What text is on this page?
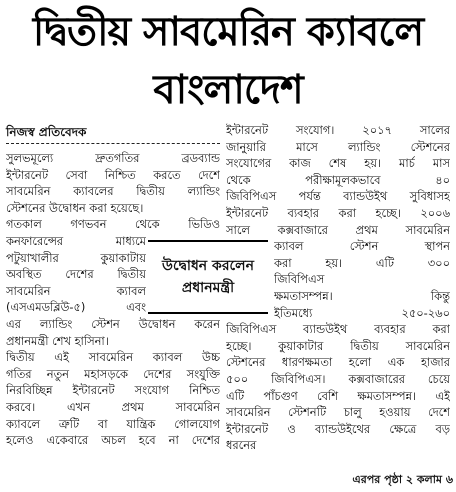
দ্বিতীয় সাবমেরিন ক্যাবলে
বাংলাদেশ
নিজস্ব প্রতিবেদক
সুলভমূল্যে দ্রুতগতির ব্রডব্যান্ড
ইন্টারনেট সেবা নিশ্চিত করতে দেশে
সাবমেরিন ক্যাবলের দ্বিতীয় ল্যান্ডিং
স্টেশনের উদ্বোধন করা হয়েছে।
গতকাল গণভবন থেকে ভিডিও
কনফারেন্সের মাধ্যমে
পটুয়াখালীর কুয়াকাটায়
অবস্থিত দেশের দ্বিতীয়
সাবমেরিন ক্যাবল
(এসএমডব্লিউ-৫) এবং
এর ল্যান্ডিং স্টেশন উদ্বোধন করেন
প্রধানমন্ত্রী শেখ হাসিনা।
দ্বিতীয় এই সাবমেরিন ক্যাবল উচ্চ
গতির নতুন মহাসড়কে দেশের সংযুক্তি
নিরবিচ্ছিন্ন ইন্টারনেট সংযোগ নিশ্চিত
করবে। এখন প্রথম সাবমেরিন
ক্যাবলে ত্রুটি বা যান্ত্রিক গোলযোগ
হলেও একেবারে অচল হবে না দেশের
ইন্টারনেট সংযোগ। ২০১৭ সালের
জানুয়ারি মাসে ল্যান্ডিং স্টেশনের
সংযোগের কাজ শেষ হয়। মার্চ মাস
থেকে পরীক্ষামূলকভাবে ৪০
জিবিপিএস পর্যন্ত ব্যান্ডউইথ সুবিধাসহ
ইন্টারনেট ব্যবহার করা হচ্ছে। ২০০৬
সালে কক্সবাজারে প্রথম সাবমেরিন
ক্যাবল স্টেশন স্থাপন
করা হয়। এটি ৩০০
জিবিপিএস
ক্ষমতাসম্পন্ন। কিন্তু
ইতিমধ্যে ২৫০-২৬০
জিবিপিএস ব্যান্ডউইথ ব্যবহার করা
হচ্ছে। কুয়াকাটার দ্বিতীয় সাবমেরিন
স্টেশনের ধারণক্ষমতা হলো এক হাজার
৫০০ জিবিপিএস। কক্সবাজারের চেয়ে
এটি পাঁচগুণ বেশি ক্ষমতাসম্পন্ন। এই
সাবমেরিন স্টেশনটি চালু হওয়ায় দেশে
ইন্টারনেট ও ব্যান্ডউইথের ক্ষেত্রে বড়
ধরনের
উদ্বোধন করলেন
প্রধানমন্ত্রী
এরপর পৃষ্ঠা ২ কলাম ৬
